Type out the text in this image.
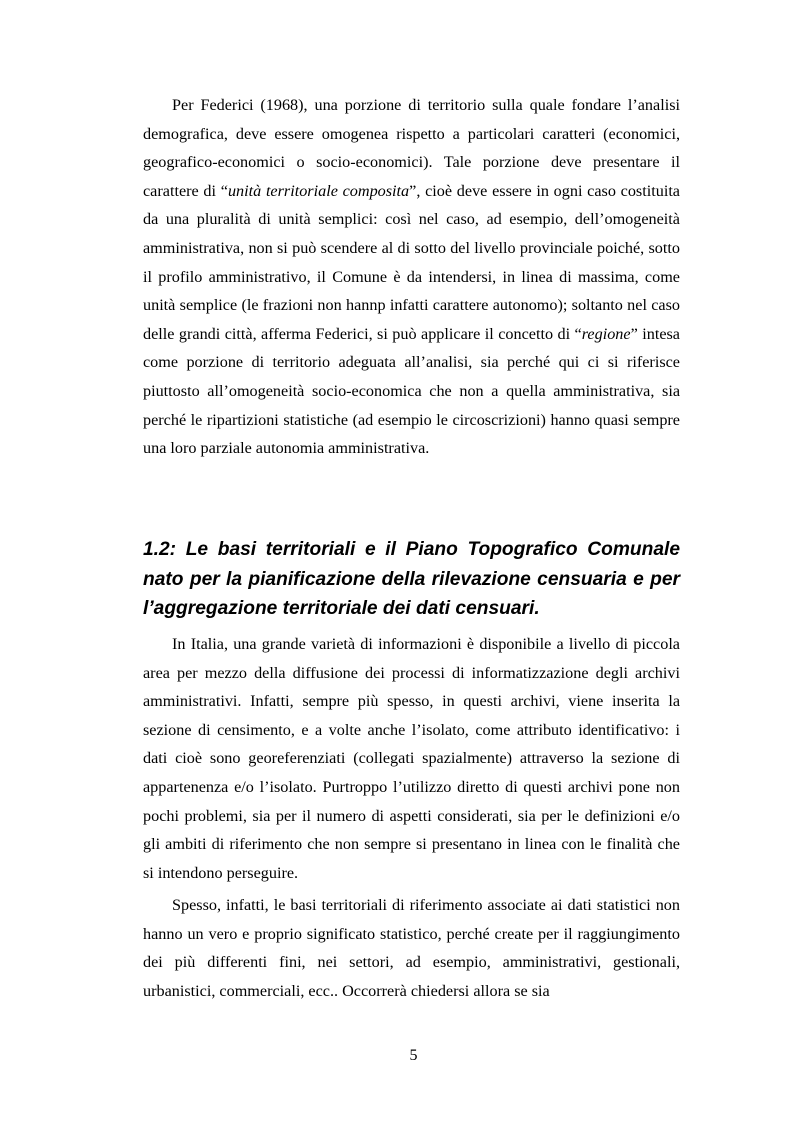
Per Federici (1968), una porzione di territorio sulla quale fondare l’analisi demografica, deve essere omogenea rispetto a particolari caratteri (economici, geografico-economici o socio-economici). Tale porzione deve presentare il carattere di “unità territoriale composita”, cioè deve essere in ogni caso costituita da una pluralità di unità semplici: così nel caso, ad esempio, dell’omogeneità amministrativa, non si può scendere al di sotto del livello provinciale poiché, sotto il profilo amministrativo, il Comune è da intendersi, in linea di massima, come unità semplice (le frazioni non hannp infatti carattere autonomo); soltanto nel caso delle grandi città, afferma Federici, si può applicare il concetto di “regione” intesa come porzione di territorio adeguata all’analisi, sia perché qui ci si riferisce piuttosto all’omogeneità socio-economica che non a quella amministrativa, sia perché le ripartizioni statistiche (ad esempio le circoscrizioni) hanno quasi sempre una loro parziale autonomia amministrativa.

1.2: Le basi territoriali e il Piano Topografico Comunale nato per la pianificazione della rilevazione censuaria e per l’aggregazione territoriale dei dati censuari.

In Italia, una grande varietà di informazioni è disponibile a livello di piccola area per mezzo della diffusione dei processi di informatizzazione degli archivi amministrativi. Infatti, sempre più spesso, in questi archivi, viene inserita la sezione di censimento, e a volte anche l’isolato, come attributo identificativo: i dati cioè sono georeferenziati (collegati spazialmente) attraverso la sezione di appartenenza e/o l’isolato. Purtroppo l’utilizzo diretto di questi archivi pone non pochi problemi, sia per il numero di aspetti considerati, sia per le definizioni e/o gli ambiti di riferimento che non sempre si presentano in linea con le finalità che si intendono perseguire.

Spesso, infatti, le basi territoriali di riferimento associate ai dati statistici non hanno un vero e proprio significato statistico, perché create per il raggiungimento dei più differenti fini, nei settori, ad esempio, amministrativi, gestionali, urbanistici, commerciali, ecc.. Occorrerà chiedersi allora se sia

5
